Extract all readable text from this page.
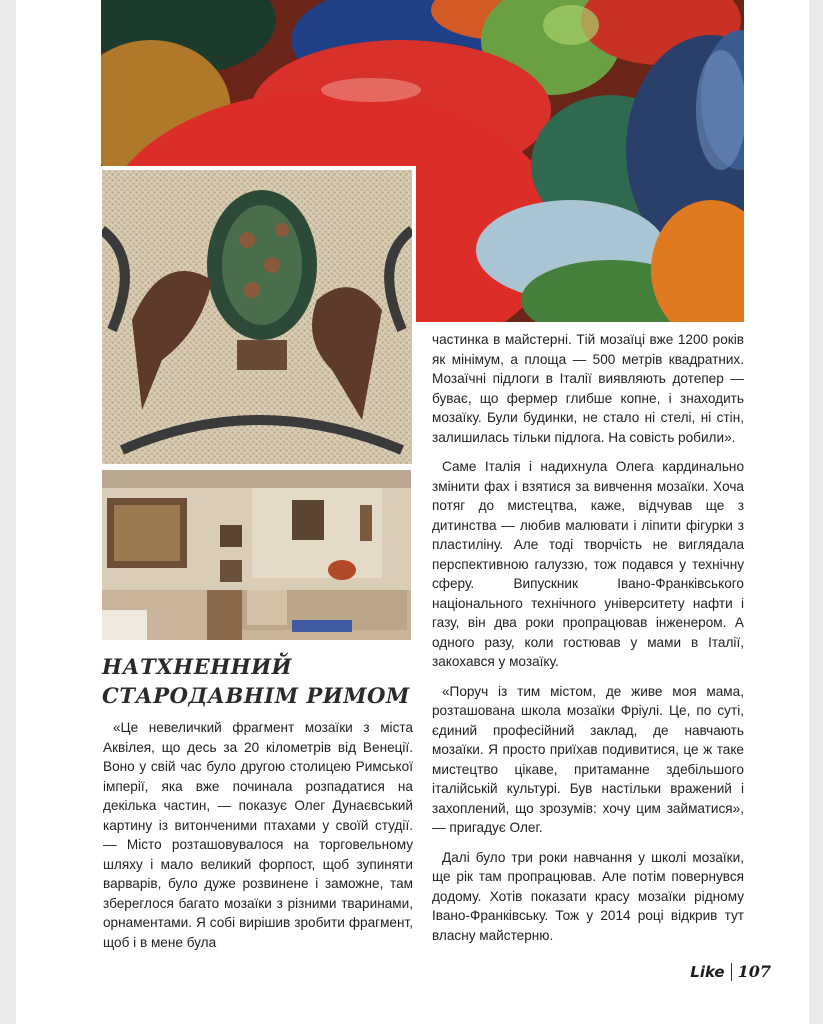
НАТХНЕННИЙ
СТАРОДАВНІМ РИМОМ

«Це невеличкий фрагмент мозаїки з міста Аквілея, що десь за 20 кілометрів від Венеції. Воно у свій час було другою столицею Римської імперії, яка вже починала розпадатися на декілька частин, — показує Олег Дунаєвський картину із витонченими птахами у своїй студії. — Місто розташовувалося на торговельному шляху і мало великий форпост, щоб зупиняти варварів, було дуже розвинене і заможне, там збереглося багато мозаїки з різними тваринами, орнаментами. Я собі вирішив зробити фрагмент, щоб і в мене була

частинка в майстерні. Тій мозаїці вже 1200 років як мінімум, а площа — 500 метрів квадратних. Мозаїчні підлоги в Італії виявляють дотепер — буває, що фермер глибше копне, і знаходить мозаїку. Були будинки, не стало ні стелі, ні стін, залишилась тільки підлога. На совість робили».

Саме Італія і надихнула Олега кардинально змінити фах і взятися за вивчення мозаїки. Хоча потяг до мистецтва, каже, відчував ще з дитинства — любив малювати і ліпити фігурки з пластиліну. Але тоді творчість не виглядала перспективною галуззю, тож подався у технічну сферу. Випускник Івано-Франківського національного технічного університету нафти і газу, він два роки пропрацював інженером. А одного разу, коли гостював у мами в Італії, закохався у мозаїку.

«Поруч із тим містом, де живе моя мама, розташована школа мозаїки Фріулі. Це, по суті, єдиний професійний заклад, де навчають мозаїки. Я просто приїхав подивитися, це ж таке мистецтво цікаве, притаманне здебільшого італійській культурі. Був настільки вражений і захоплений, що зрозумів: хочу цим займатися», — пригадує Олег.

Далі було три роки навчання у школі мозаїки, ще рік там пропрацював. Але потім повернувся додому. Хотів показати красу мозаїки рідному Івано-Франківську. Тож у 2014 році відкрив тут власну майстерню.

Like 107
